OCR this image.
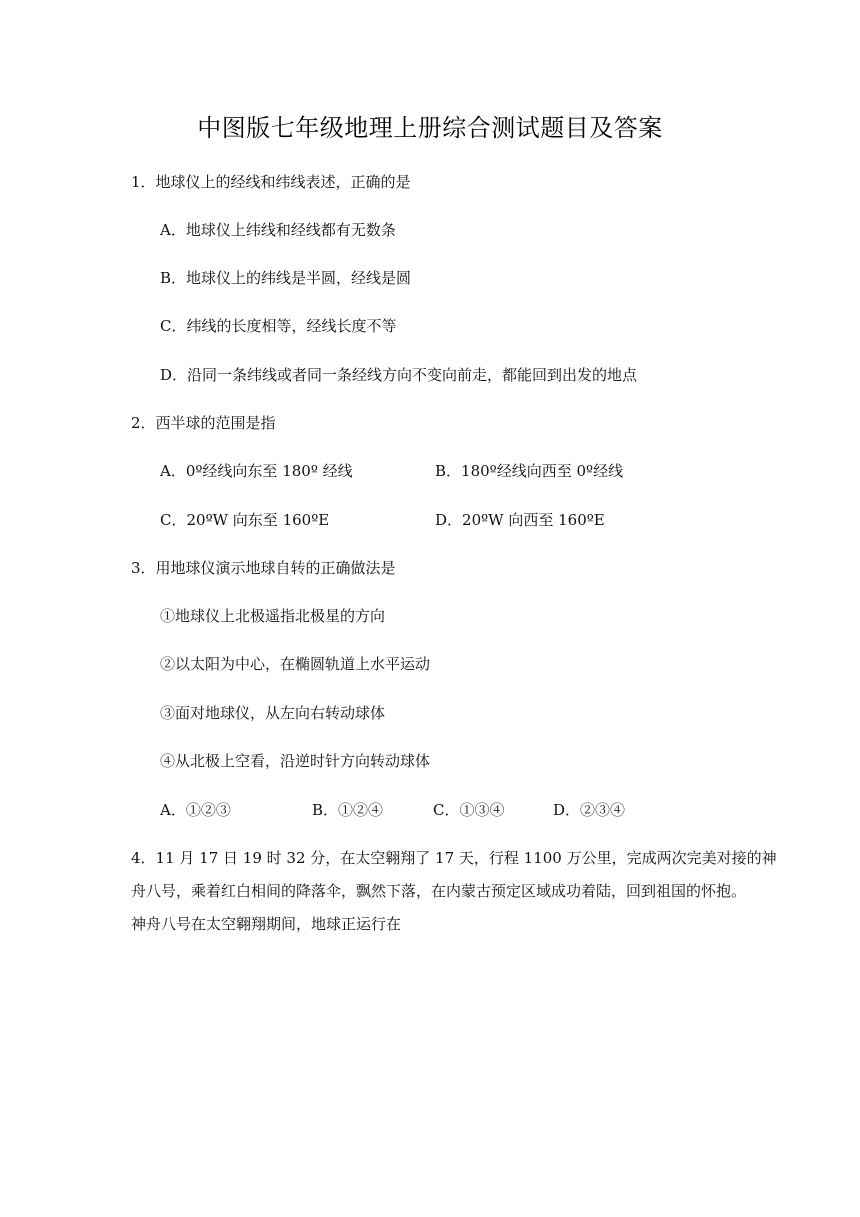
中图版七年级地理上册综合测试题目及答案
1．地球仪上的经线和纬线表述，正确的是
A．地球仪上纬线和经线都有无数条
B．地球仪上的纬线是半圆，经线是圆
C．纬线的长度相等，经线长度不等
D．沿同一条纬线或者同一条经线方向不变向前走，都能回到出发的地点
2．西半球的范围是指
A．0º经线向东至 180º 经线	B．180º经线向西至 0º经线
C．20ºW 向东至 160ºE	D．20ºW 向西至 160ºE
3．用地球仪演示地球自转的正确做法是
①地球仪上北极遥指北极星的方向
②以太阳为中心，在椭圆轨道上水平运动
③面对地球仪，从左向右转动球体
④从北极上空看，沿逆时针方向转动球体
A．①②③	B．①②④	C．①③④	D．②③④
4．11 月 17 日 19 时 32 分，在太空翱翔了 17 天，行程 1100 万公里，完成两次完美对接的神
舟八号，乘着红白相间的降落伞，飘然下落，在内蒙古预定区域成功着陆，回到祖国的怀抱。
神舟八号在太空翱翔期间，地球正运行在
